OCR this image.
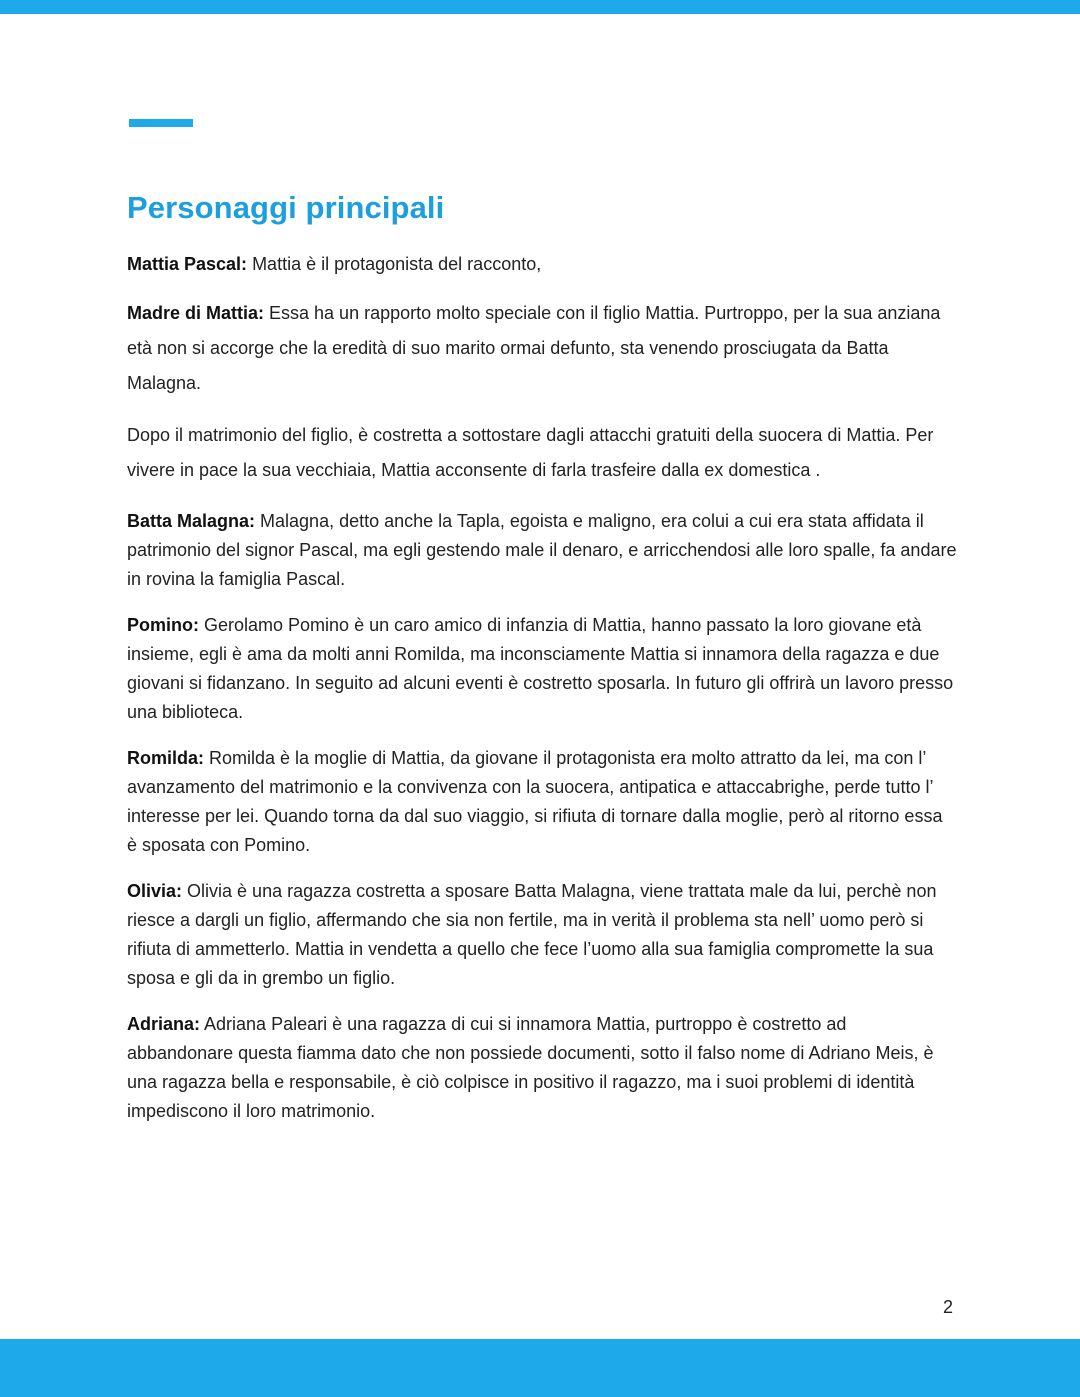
Personaggi principali

Mattia Pascal: Mattia è il protagonista del racconto,

Madre di Mattia: Essa ha un rapporto molto speciale con il figlio Mattia. Purtroppo, per la sua anziana età non si accorge che la eredità di suo marito ormai defunto, sta venendo prosciugata da Batta Malagna.

Dopo il matrimonio del figlio, è costretta a sottostare dagli attacchi gratuiti della suocera di Mattia. Per vivere in pace la sua vecchiaia, Mattia acconsente di farla trasfeire dalla ex domestica .

Batta Malagna: Malagna, detto anche la Tapla, egoista e maligno, era colui a cui era stata affidata il patrimonio del signor Pascal, ma egli gestendo male il denaro, e arricchendosi alle loro spalle, fa andare in rovina la famiglia Pascal.

Pomino: Gerolamo Pomino è un caro amico di infanzia di Mattia, hanno passato la loro giovane età insieme, egli è ama da molti anni Romilda, ma inconsciamente Mattia si innamora della ragazza e due giovani si fidanzano. In seguito ad alcuni eventi è costretto sposarla. In futuro gli offrirà un lavoro presso una biblioteca.

Romilda: Romilda è la moglie di Mattia, da giovane il protagonista era molto attratto da lei, ma con l’ avanzamento del matrimonio e la convivenza con la suocera, antipatica e attaccabrighe, perde tutto l’ interesse per lei. Quando torna da dal suo viaggio, si rifiuta di tornare dalla moglie, però al ritorno essa è sposata con Pomino.

Olivia: Olivia è una ragazza costretta a sposare Batta Malagna, viene trattata male da lui, perchè non riesce a dargli un figlio, affermando che sia non fertile, ma in verità il problema sta nell’ uomo però si rifiuta di ammetterlo. Mattia in vendetta a quello che fece l’uomo alla sua famiglia compromette la sua sposa e gli da in grembo un figlio.

Adriana: Adriana Paleari è una ragazza di cui si innamora Mattia, purtroppo è costretto ad abbandonare questa fiamma dato che non possiede documenti, sotto il falso nome di Adriano Meis, è una ragazza bella e responsabile, è ciò colpisce in positivo il ragazzo, ma i suoi problemi di identità impediscono il loro matrimonio.

2
